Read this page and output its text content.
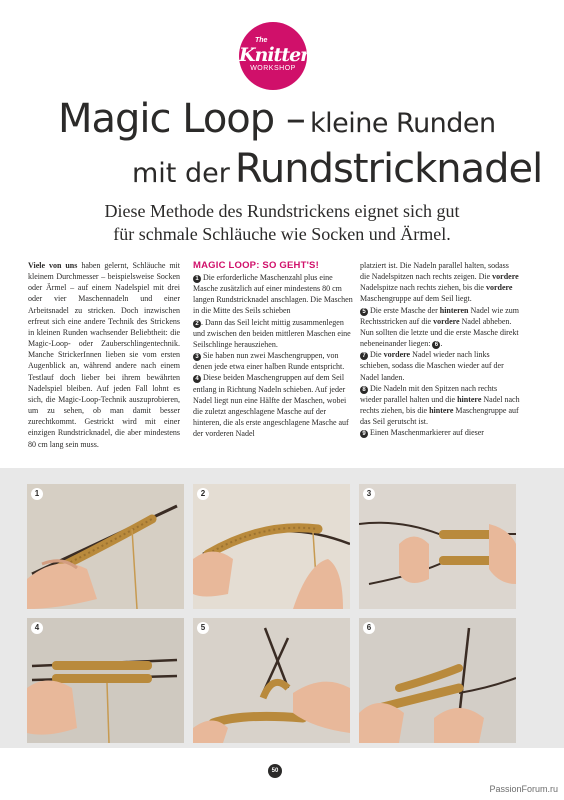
The
Knitter
WORKSHOP
Magic Loop – kleine Runden
mit der Rundstricknadel
Diese Methode des Rundstrickens eignet sich gut
für schmale Schläuche wie Socken und Ärmel.
Viele von uns haben gelernt, Schläuche mit kleinem Durchmesser – beispielsweise Socken oder Ärmel – auf einem Nadelspiel mit drei oder vier Maschennadeln und einer Arbeitsnadel zu stricken. Doch inzwischen erfreut sich eine andere Technik des Strickens in kleinen Runden wachsender Beliebtheit: die Magic-Loop- oder Zauberschlingentechnik. Manche StrickerInnen lieben sie vom ersten Augenblick an, während andere nach einem Testlauf doch lieber bei ihrem bewährten Nadelspiel bleiben. Auf jeden Fall lohnt es sich, die Magic-Loop-Technik auszuprobieren, um zu sehen, ob man damit besser zurechtkommt. Gestrickt wird mit einer einzigen Rundstricknadel, die aber mindestens 80 cm lang sein muss.
MAGIC LOOP: SO GEHT'S!
1 Die erforderliche Maschenzahl plus eine Masche zusätzlich auf einer mindestens 80 cm langen Rundstricknadel anschlagen. Die Maschen in die Mitte des Seils schieben
2 . Dann das Seil leicht mittig zusammenlegen und zwischen den beiden mittleren Maschen eine Seilschlinge herausziehen.
3 Sie haben nun zwei Maschengruppen, von denen jede etwa einer halben Runde entspricht.
4 Diese beiden Maschengruppen auf dem Seil entlang in Richtung Nadeln schieben. Auf jeder Nadel liegt nun eine Hälfte der Maschen, wobei die zuletzt angeschlagene Masche auf der hinteren, die als erste angeschlagene Masche auf der vorderen Nadel
platziert ist. Die Nadeln parallel halten, sodass die Nadelspitzen nach rechts zeigen. Die vordere Nadelspitze nach rechts ziehen, bis die vordere Maschengruppe auf dem Seil liegt.
5 Die erste Masche der hinteren Nadel wie zum Rechtsstricken auf die vordere Nadel abheben. Nun sollten die letzte und die erste Masche direkt nebeneinander liegen: 6 .
7 Die vordere Nadel wieder nach links schieben, sodass die Maschen wieder auf der Nadel landen.
8 Die Nadeln mit den Spitzen nach rechts wieder parallel halten und die hintere Nadel nach rechts ziehen, bis die hintere Maschengruppe auf das Seil gerutscht ist.
9 Einen Maschenmarkierer auf dieser
1	2	3
4	5	6
50
PassionForum.ru
